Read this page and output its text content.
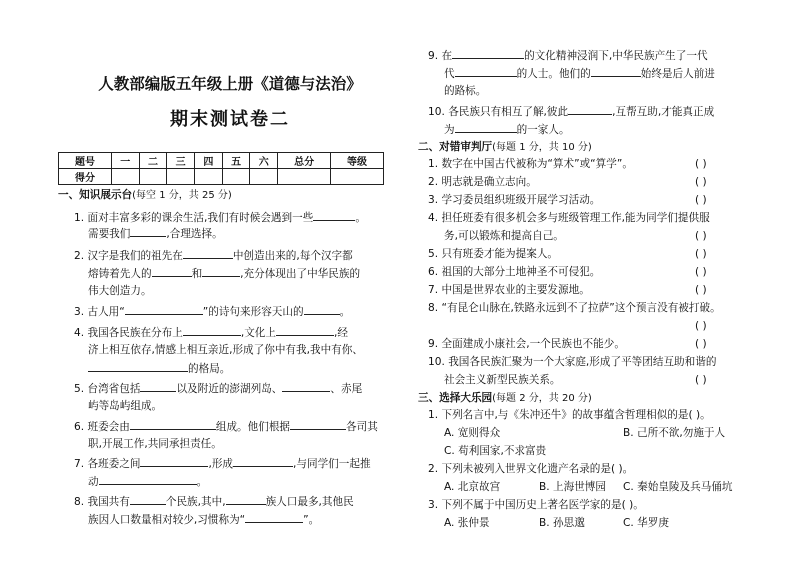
人教部编版五年级上册《道德与法治》
期末测试卷二
题号	一	二	三	四	五	六	总分	等级
得分								
一、知识展示台(每空 1 分，共 25 分)
1. 面对丰富多彩的课余生活,我们有时候会遇到一些	。
需要我们	,合理选择。
2. 汉字是我们的祖先在	中创造出来的,每个汉字都
熔铸着先人的	和	,充分体现出了中华民族的
伟大创造力。
3. 古人用“	”的诗句来形容天山的	。
4. 我国各民族在分布上	,文化上	,经
济上相互依存,情感上相互亲近,形成了你中有我,我中有你、
的格局。
5. 台湾省包括	以及附近的澎湖列岛、	、赤尾
屿等岛屿组成。
6. 班委会由	组成。他们根据	各司其
职,开展工作,共同承担责任。
7. 各班委之间	,形成	,与同学们一起推
动	。
8. 我国共有	个民族,其中,	族人口最多,其他民
族因人口数量相对较少,习惯称为“	”。
9. 在	的文化精神浸润下,中华民族产生了一代
代	的人士。他们的	始终是后人前进
的路标。
10. 各民族只有相互了解,彼此	,互帮互助,才能真正成
为	的一家人。
二、对错审判厅(每题 1 分，共 10 分)
1. 数字在中国古代被称为“算术”或“算学”。	( )
2. 明志就是确立志向。	( )
3. 学习委员组织班级开展学习活动。	( )
4. 担任班委有很多机会多与班级管理工作,能为同学们提供服
务,可以锻炼和提高自己。	( )
5. 只有班委才能为提案人。	( )
6. 祖国的大部分土地神圣不可侵犯。	( )
7. 中国是世界农业的主要发源地。	( )
8. “有昆仑山脉在,铁路永远到不了拉萨”这个预言没有被打破。
( )
9. 全面建成小康社会,一个民族也不能少。	( )
10. 我国各民族汇聚为一个大家庭,形成了平等团结互助和谐的
社会主义新型民族关系。	( )
三、选择大乐园(每题 2 分，共 20 分)
1. 下列名言中,与《朱冲还牛》的故事蕴含哲理相似的是( )。
A. 宽则得众	B. 己所不欲,勿施于人
C. 苟利国家,不求富贵
2. 下列未被列入世界文化遗产名录的是( )。
A. 北京故宫	B. 上海世博园 C. 秦始皇陵及兵马俑坑
3. 下列不属于中国历史上著名医学家的是( )。
A. 张仲景	B. 孙思邈	C. 华罗庚
